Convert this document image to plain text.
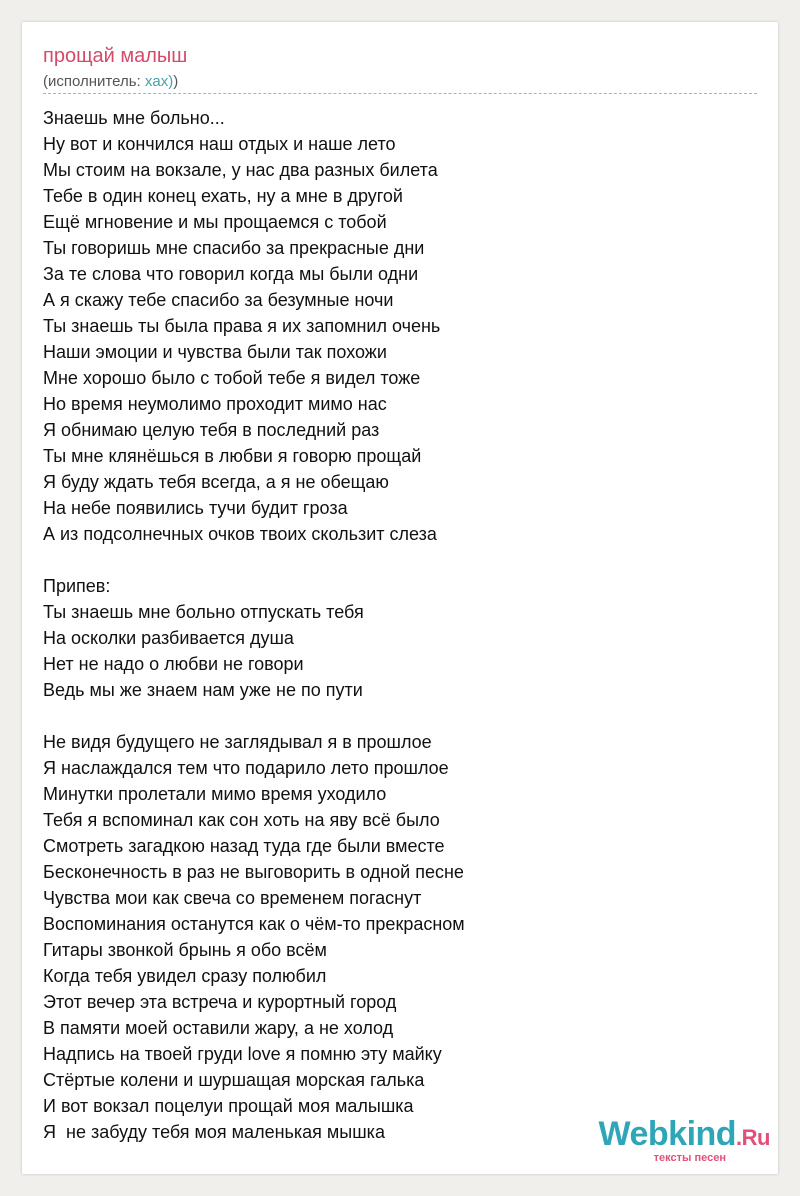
прощай малыш
(исполнитель: xax))
Знаешь мне больно...
Ну вот и кончился наш отдых и наше лето
Мы стоим на вокзале, у нас два разных билета
Тебе в один конец ехать, ну а мне в другой
Ещё мгновение и мы прощаемся с тобой
Ты говоришь мне спасибо за прекрасные дни
За те слова что говорил когда мы были одни
А я скажу тебе спасибо за безумные ночи
Ты знаешь ты была права я их запомнил очень
Наши эмоции и чувства были так похожи
Мне хорошо было с тобой тебе я видел тоже
Но время неумолимо проходит мимо нас
Я обнимаю целую тебя в последний раз
Ты мне клянёшься в любви я говорю прощай
Я буду ждать тебя всегда, а я не обещаю
На небе появились тучи будит гроза
А из подсолнечных очков твоих скользит слеза
Припев:
Ты знаешь мне больно отпускать тебя
На осколки разбивается душа
Нет не надо о любви не говори
Ведь мы же знаем нам уже не по пути
Не видя будущего не заглядывал я в прошлое
Я наслаждался тем что подарило лето прошлое
Минутки пролетали мимо время уходило
Тебя я вспоминал как сон хоть на яву всё было
Смотреть загадкою назад туда где были вместе
Бесконечность в раз не выговорить в одной песне
Чувства мои как свеча со временем погаснут
Воспоминания останутся как о чём-то прекрасном
Гитары звонкой брынь я обо всём
Когда тебя увидел сразу полюбил
Этот вечер эта встреча и курортный город
В памяти моей оставили жару, а не холод
Надпись на твоей груди love я помню эту майку
Стёртые колени и шуршащая морская галька
И вот вокзал поцелуи прощай моя малышка
Я  не забуду тебя моя маленькая мышка	Webkind.Ru
тексты песен
